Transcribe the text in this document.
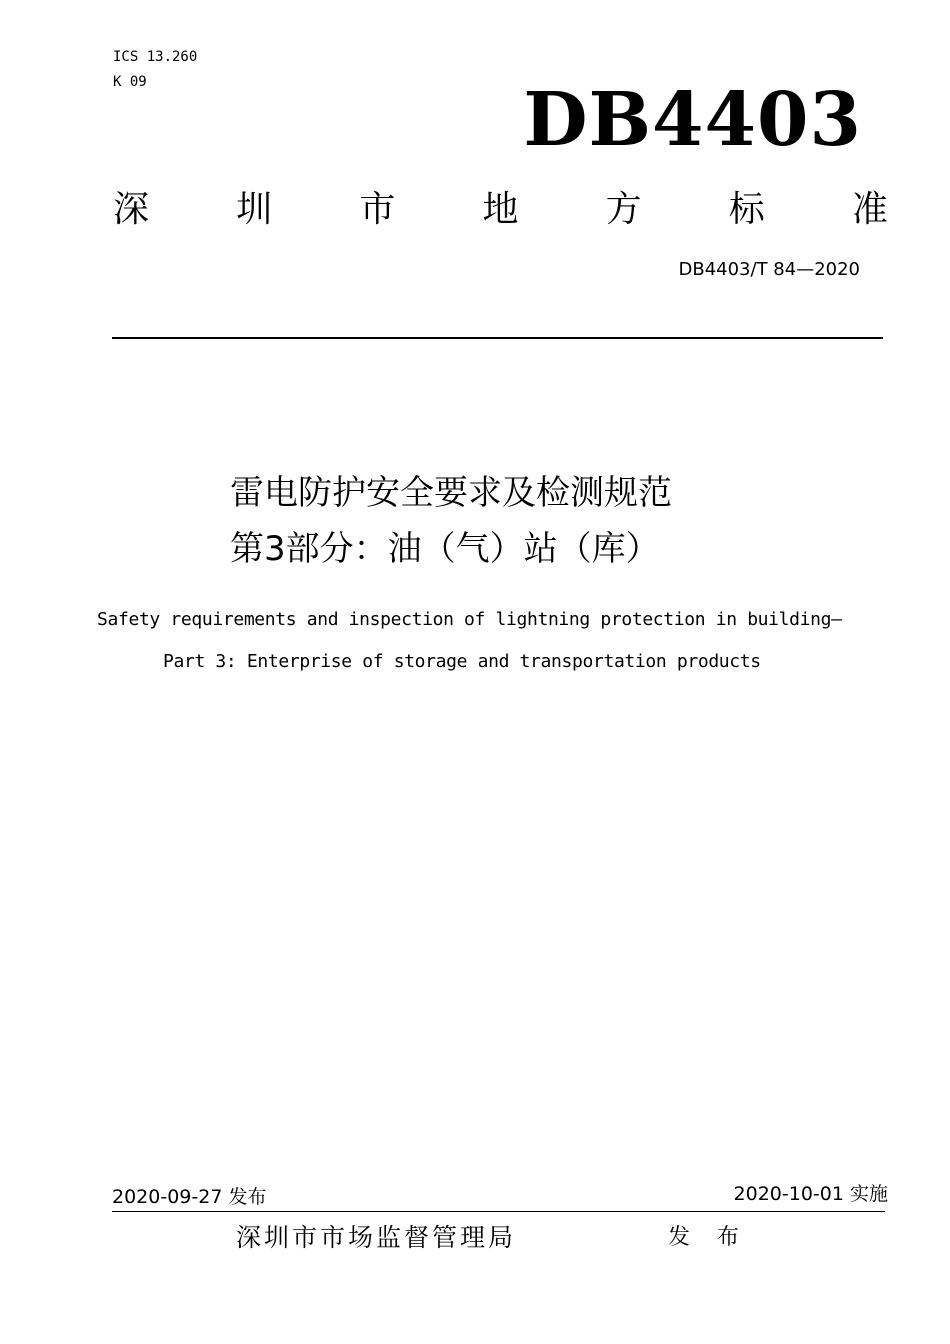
ICS 13.260
K 09	DB4403
深 圳 市 地 方 标 准
DB4403/T 84—2020
雷电防护安全要求及检测规范
第3部分：油（气）站（库）
Safety requirements and inspection of lightning protection in building—
Part 3: Enterprise of storage and transportation products
2020-09-27 发布	2020-10-01 实施
深圳市市场监督管理局	发 布
